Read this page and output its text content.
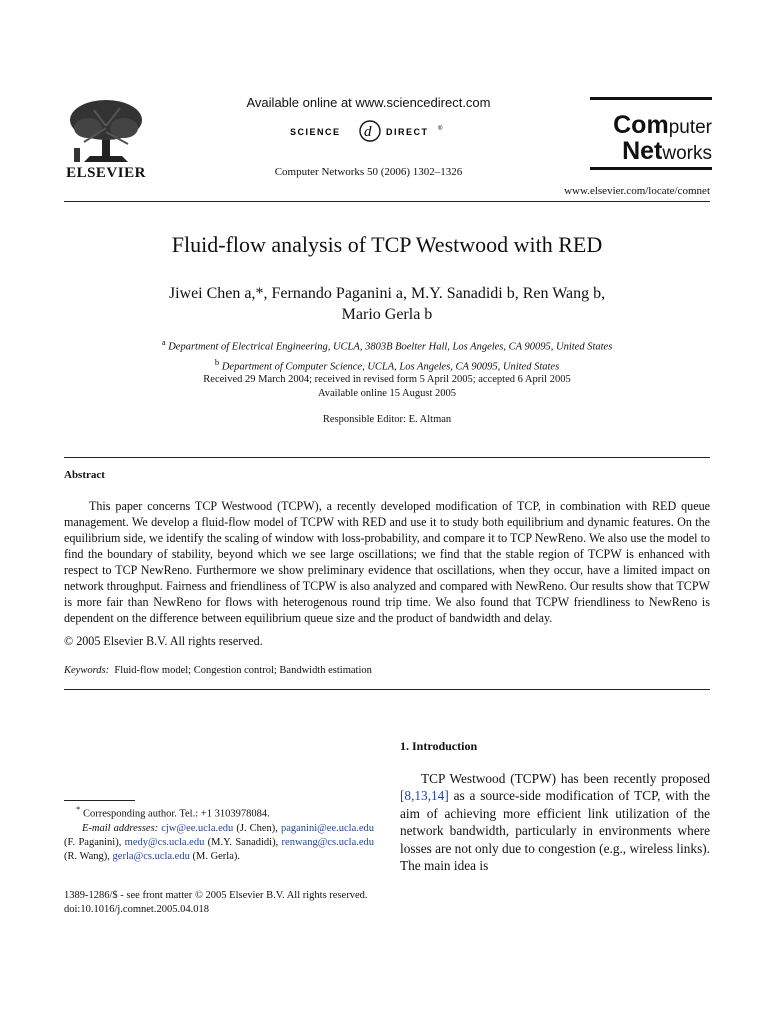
ELSEVIER
Available online at www.sciencedirect.com
SCIENCE d DIRECT ®
Computer Networks 50 (2006) 1302–1326
Computer
Networks
www.elsevier.com/locate/comnet
Fluid-flow analysis of TCP Westwood with RED
Jiwei Chen a,*, Fernando Paganini a, M.Y. Sanadidi b, Ren Wang b,
Mario Gerla b
$^a$ Department of Electrical Engineering, UCLA, 3803B Boelter Hall, Los Angeles, CA 90095, United States
$^b$ Department of Computer Science, UCLA, Los Angeles, CA 90095, United States
Received 29 March 2004; received in revised form 5 April 2005; accepted 6 April 2005
Available online 15 August 2005
Responsible Editor: E. Altman
Abstract

This paper concerns TCP Westwood (TCPW), a recently developed modification of TCP, in combination with RED queue management. We develop a fluid-flow model of TCPW with RED and use it to study both equilibrium and dynamic features. On the equilibrium side, we identify the scaling of window with loss-probability, and compare it to TCP NewReno. We also use the model to find the boundary of stability, beyond which we see large oscillations; we find that the stable region of TCPW is enhanced with respect to TCP NewReno. Furthermore we show preliminary evidence that oscillations, when they occur, have a limited impact on network throughput. Fairness and friendliness of TCPW is also analyzed and compared with NewReno. Our results show that TCPW is more fair than NewReno for flows with heterogenous round trip time. We also found that TCPW friendliness to NewReno is dependent on the difference between equilibrium queue size and the product of bandwidth and delay.

© 2005 Elsevier B.V. All rights reserved.
Keywords: Fluid-flow model; Congestion control; Bandwidth estimation
1. Introduction

TCP Westwood (TCPW) has been recently proposed [8,13,14] as a source-side modification of TCP, with the aim of achieving more efficient link utilization of the network bandwidth, particularly in environments where losses are not only due to congestion (e.g., wireless links). The main idea is

* Corresponding author. Tel.: +1 3103978084.

E-mail addresses: cjw@ee.ucla.edu (J. Chen), paganini@ee.ucla.edu (F. Paganini), medy@cs.ucla.edu (M.Y. Sanadidi), renwang@cs.ucla.edu (R. Wang), gerla@cs.ucla.edu (M. Gerla).

1389-1286/$ - see front matter © 2005 Elsevier B.V. All rights reserved.
doi:10.1016/j.comnet.2005.04.018
